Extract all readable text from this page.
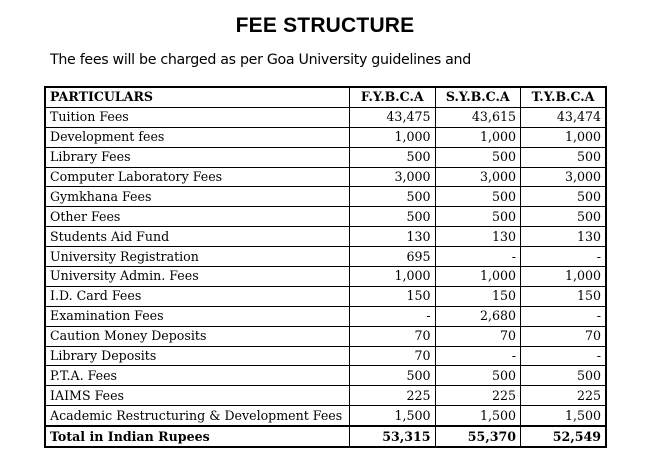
FEE STRUCTURE
The fees will be charged as per Goa University guidelines and
PARTICULARS	F.Y.B.C.A	S.Y.B.C.A	T.Y.B.C.A
Tuition Fees	43,475	43,615	43,474
Development fees	1,000	1,000	1,000
Library Fees	500	500	500
Computer Laboratory Fees	3,000	3,000	3,000
Gymkhana Fees	500	500	500
Other Fees	500	500	500
Students Aid Fund	130	130	130
University Registration	695	-	-
University Admin. Fees	1,000	1,000	1,000
I.D. Card Fees	150	150	150
Examination Fees	-	2,680	-
Caution Money Deposits	70	70	70
Library Deposits	70	-	-
P.T.A. Fees	500	500	500
IAIMS Fees	225	225	225
Academic Restructuring & Development Fees	1,500	1,500	1,500
Total in Indian Rupees	53,315	55,370	52,549
